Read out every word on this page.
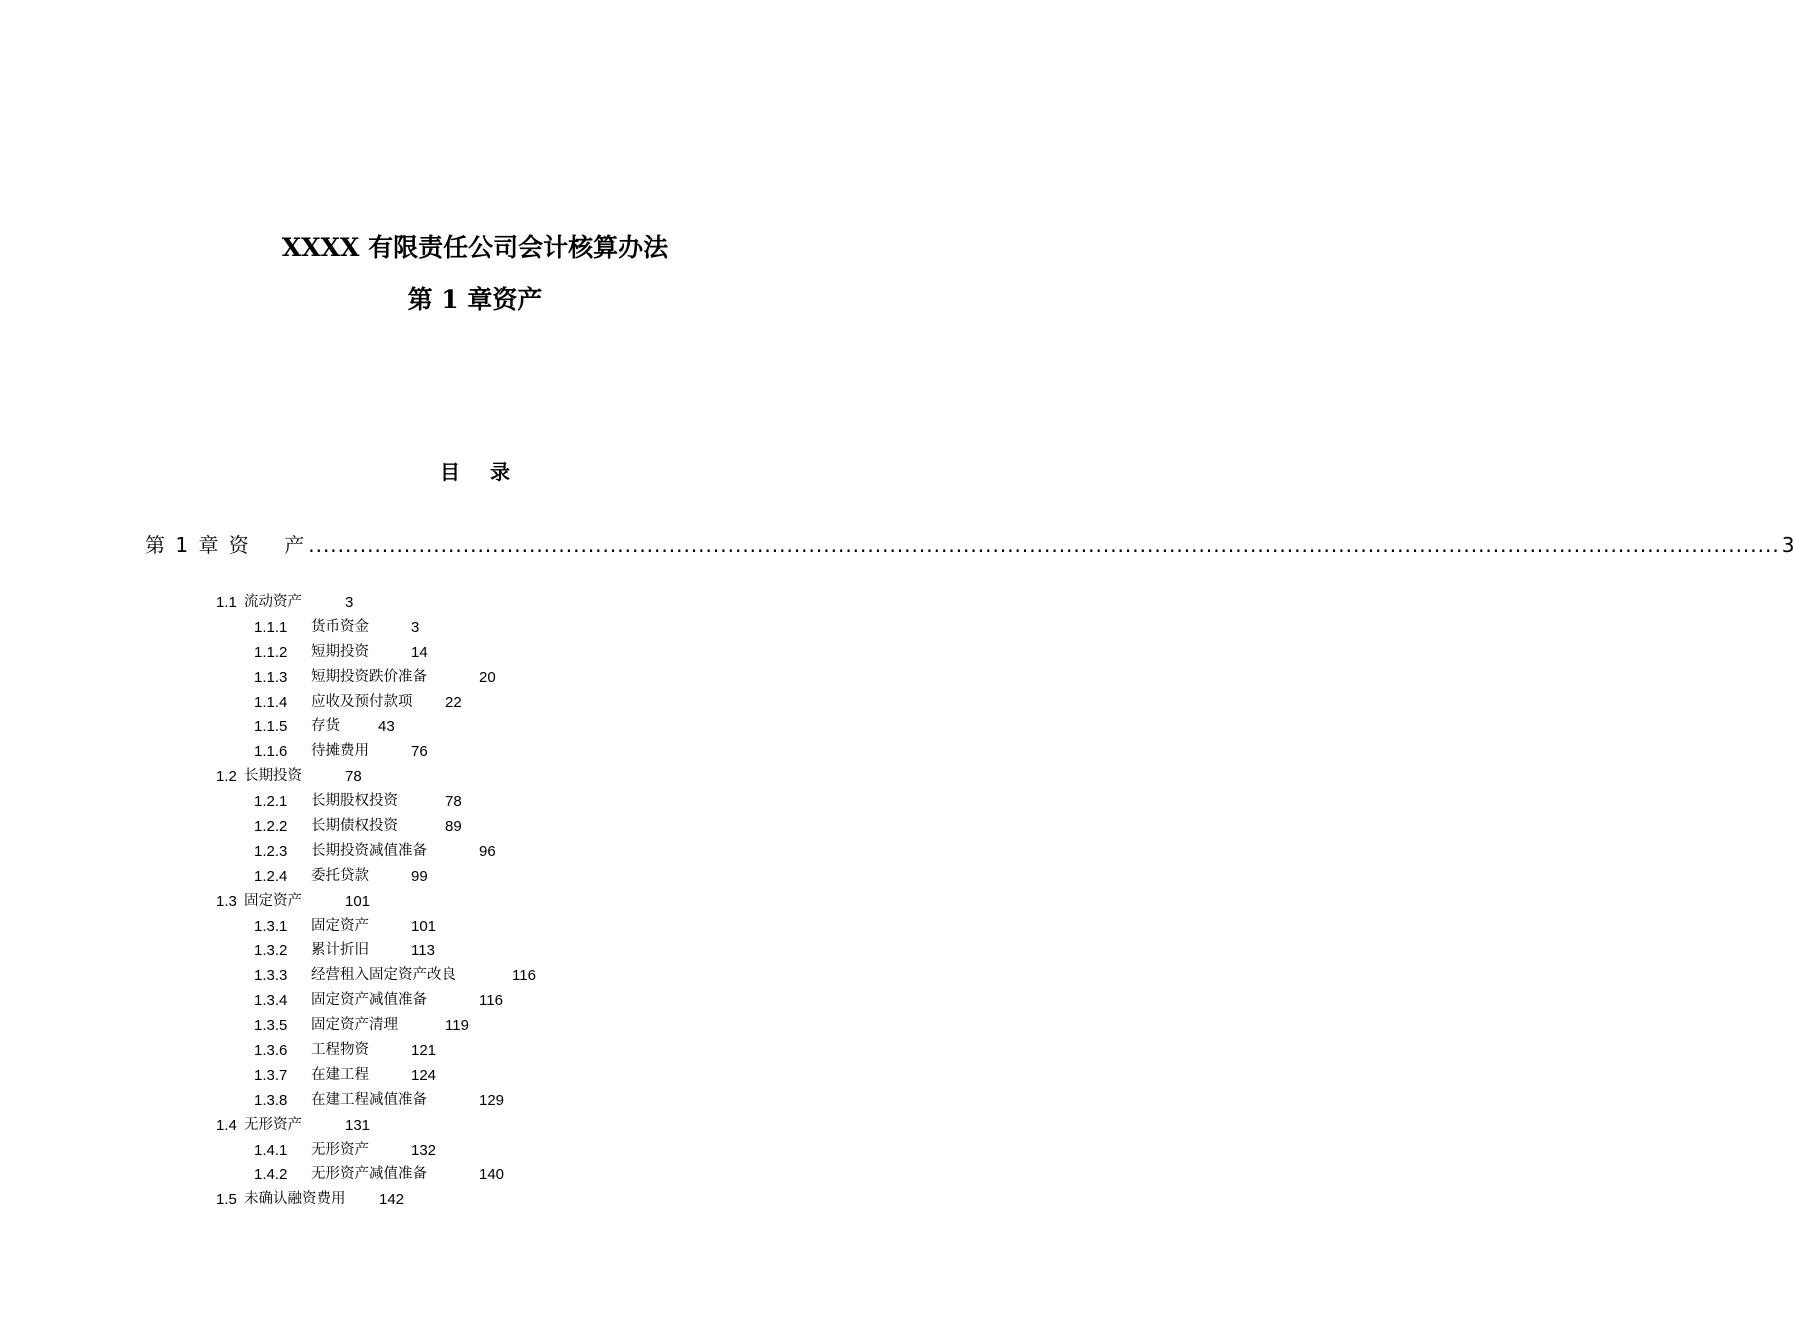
XXXX 有限责任公司会计核算办法
第 1 章资产
目录
第 1 章 资    产 ........................................................................................................................................................................................................ 3
1.1 流动资产	3
1.1.1 货币资金	3
1.1.2 短期投资	14
1.1.3 短期投资跌价准备	20
1.1.4 应收及预付款项 22
1.1.5 存货	43
1.1.6 待摊费用	76
1.2 长期投资	78
1.2.1 长期股权投资	78
1.2.2 长期债权投资	89
1.2.3 长期投资减值准备	96
1.2.4 委托贷款	99
1.3 固定资产	101
1.3.1 固定资产	101
1.3.2 累计折旧	113
1.3.3 经营租入固定资产改良	116
1.3.4 固定资产减值准备	116
1.3.5 固定资产清理	119
1.3.6 工程物资	121
1.3.7 在建工程	124
1.3.8 在建工程减值准备	129
1.4 无形资产	131
1.4.1 无形资产	132
1.4.2 无形资产减值准备	140
1.5 未确认融资费用 142
